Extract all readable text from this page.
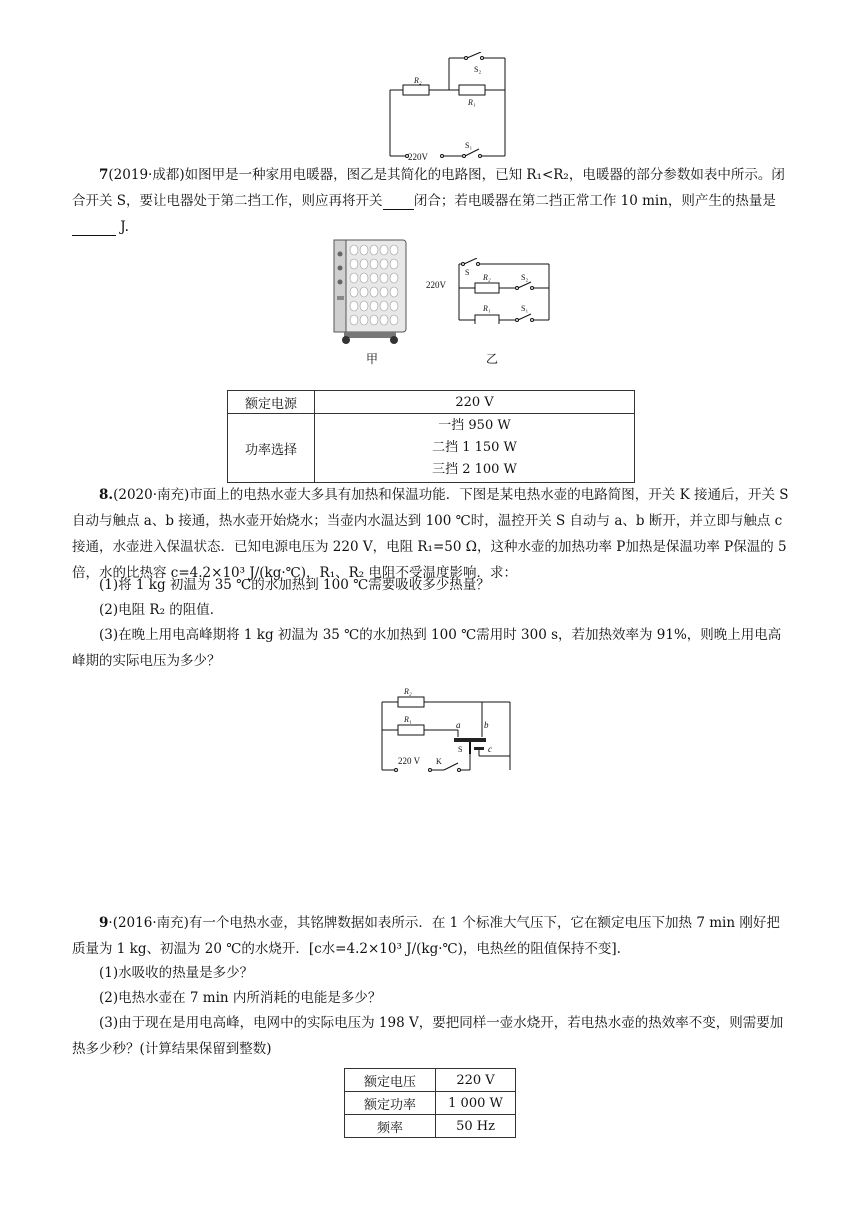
R₂
R₁
S₂
S₁
220V
7(2019·成都)如图甲是一种家用电暖器，图乙是其简化的电路图，已知 R₁<R₂，电暖器的部分参数如表中所示。闭合开关 S，要让电器处于第二挡工作，则应再将开关 闭合；若电暖器在第二挡正常工作 10 min，则产生的热量是  J.
甲
220V
S
R₂	S₂
R₁	S₁
乙
额定电源	220 V
功率选择	一挡 950 W
二挡 1 150 W
三挡 2 100 W
8.(2020·南充)市面上的电热水壶大多具有加热和保温功能．下图是某电热水壶的电路简图，开关 K 接通后，开关 S 自动与触点 a、b 接通，热水壶开始烧水；当壶内水温达到 100 ℃时，温控开关 S 自动与 a、b 断开，并立即与触点 c 接通，水壶进入保温状态．已知电源电压为 220 V，电阻 R₁=50 Ω，这种水壶的加热功率 P加热是保温功率 P保温的 5 倍，水的比热容 c=4.2×10³ J/(kg·℃)，R₁、R₂ 电阻不受温度影响．求：
(1)将 1 kg 初温为 35 ℃的水加热到 100 ℃需要吸收多少热量？
(2)电阻 R₂ 的阻值．
(3)在晚上用电高峰期将 1 kg 初温为 35 ℃的水加热到 100 ℃需用时 300 s，若加热效率为 91%，则晚上用电高峰期的实际电压为多少？
R₂
R₁
a	b
c
S
220 V K
9·(2016·南充)有一个电热水壶，其铭牌数据如表所示．在 1 个标准大气压下，它在额定电压下加热 7 min 刚好把质量为 1 kg、初温为 20 ℃的水烧开．[c水=4.2×10³ J/(kg·℃)，电热丝的阻值保持不变].
(1)水吸收的热量是多少？
(2)电热水壶在 7 min 内所消耗的电能是多少？
(3)由于现在是用电高峰，电网中的实际电压为 198 V，要把同样一壶水烧开，若电热水壶的热效率不变，则需要加热多少秒？(计算结果保留到整数)
额定电压	220 V
额定功率	1 000 W
频率	50 Hz
